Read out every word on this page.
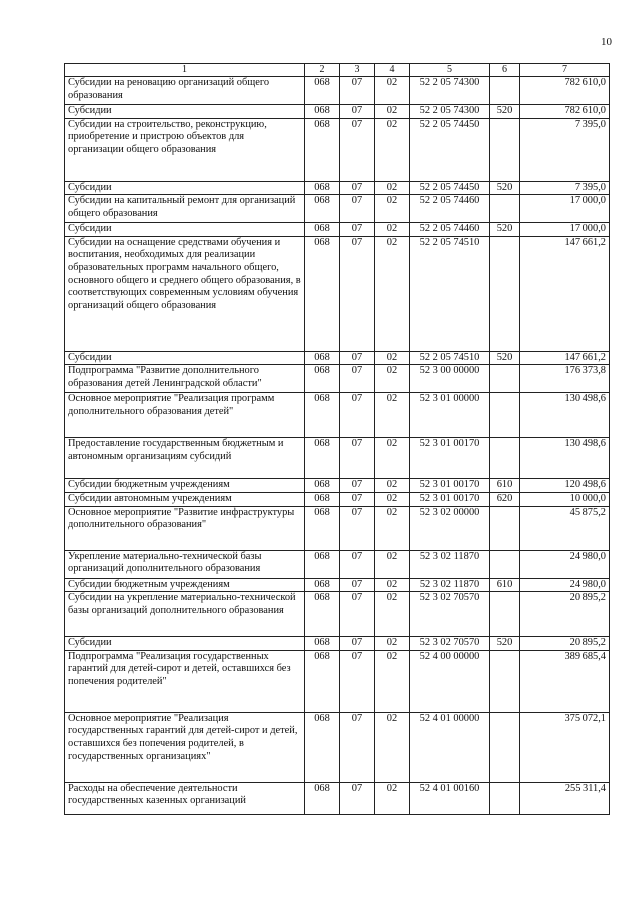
10
1	2	3	4	5	6	7
Субсидии на реновацию организаций общего образования	068	07	02	52 2 05 74300		782 610,0
Субсидии	068	07	02	52 2 05 74300	520	782 610,0
Субсидии на строительство, реконструкцию, приобретение и пристрою объектов для организации общего образования	068	07	02	52 2 05 74450		7 395,0
Субсидии	068	07	02	52 2 05 74450	520	7 395,0
Субсидии на капитальный ремонт для организаций общего образования	068	07	02	52 2 05 74460		17 000,0
Субсидии	068	07	02	52 2 05 74460	520	17 000,0
Субсидии на оснащение средствами обучения и воспитания, необходимых для реализации образовательных программ начального общего, основного общего и среднего общего образования, в соответствующих современным условиям обучения организаций общего образования	068	07	02	52 2 05 74510		147 661,2
Субсидии	068	07	02	52 2 05 74510	520	147 661,2
Подпрограмма "Развитие дополнительного образования детей Ленинградской области"	068	07	02	52 3 00 00000		176 373,8
Основное мероприятие "Реализация программ дополнительного образования детей"	068	07	02	52 3 01 00000		130 498,6
Предоставление государственным бюджетным и автономным организациям субсидий	068	07	02	52 3 01 00170		130 498,6
Субсидии бюджетным учреждениям	068	07	02	52 3 01 00170	610	120 498,6
Субсидии автономным учреждениям	068	07	02	52 3 01 00170	620	10 000,0
Основное мероприятие "Развитие инфраструктуры дополнительного образования"	068	07	02	52 3 02 00000		45 875,2
Укрепление материально-технической базы организаций дополнительного образования	068	07	02	52 3 02 11870		24 980,0
Субсидии бюджетным учреждениям	068	07	02	52 3 02 11870	610	24 980,0
Субсидии на укрепление материально-технической базы организаций дополнительного образования	068	07	02	52 3 02 70570		20 895,2
Субсидии	068	07	02	52 3 02 70570	520	20 895,2
Подпрограмма "Реализация государственных гарантий для детей-сирот и детей, оставшихся без попечения родителей"	068	07	02	52 4 00 00000		389 685,4
Основное мероприятие "Реализация государственных гарантий для детей-сирот и детей, оставшихся без попечения родителей, в государственных организациях"	068	07	02	52 4 01 00000		375 072,1
Расходы на обеспечение деятельности государственных казенных организаций	068	07	02	52 4 01 00160		255 311,4
